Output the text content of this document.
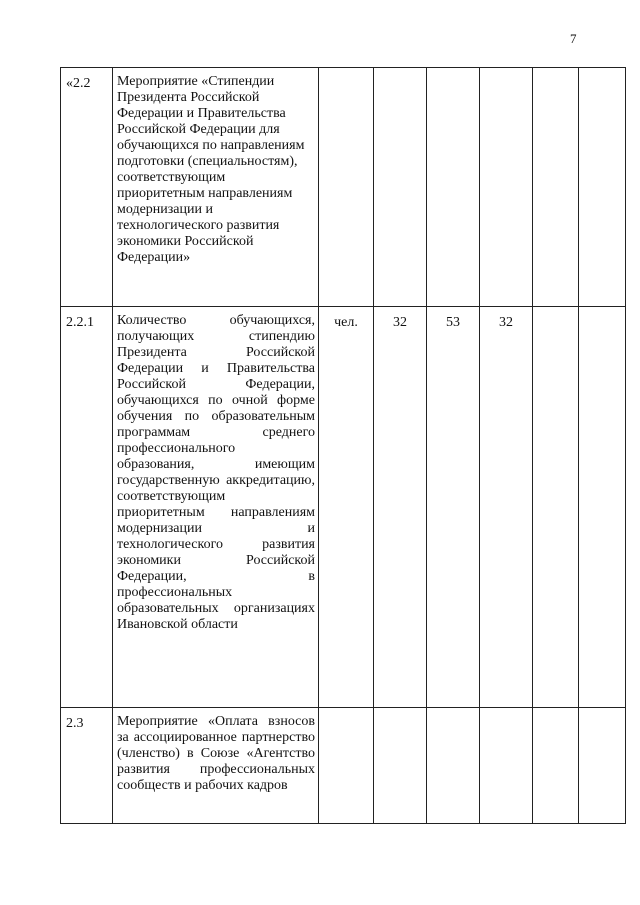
7
«2.2	Мероприятие «Стипендии Президента Российской Федерации и Правительства Российской Федерации для обучающихся по направлениям подготовки (специальностям), соответствующим приоритетным направлениям модернизации и технологического развития экономики Российской Федерации»						

2.2.1	Количество обучающихся, получающих стипендию Президента Российской Федерации и Правительства Российской Федерации, обучающихся по очной форме обучения по образовательным программам среднего профессионального образования, имеющим государственную аккредитацию, соответствующим приоритетным направлениям модернизации и технологического развития экономики Российской Федерации, в профессиональных образовательных организациях Ивановской области	чел.	32	53	32		
2.3	Мероприятие «Оплата взносов за ассоциированное партнерство (членство) в Союзе «Агентство развития профессиональных сообществ и рабочих кадров						
